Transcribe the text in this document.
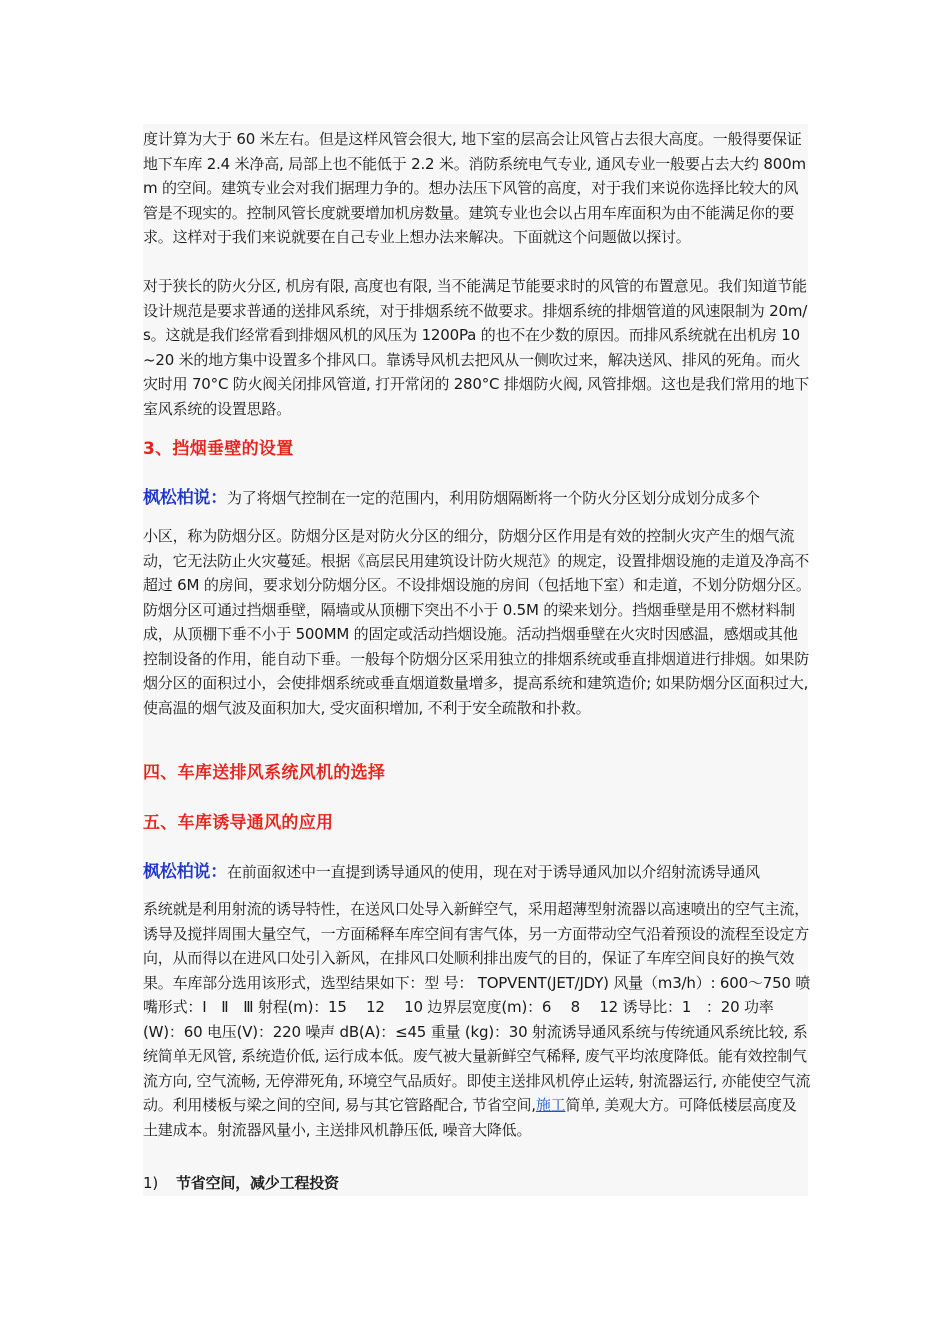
度计算为大于 60 米左右。但是这样风管会很大, 地下室的层高会让风管占去很大高度。一般得要保证地下车库 2.4 米净高, 局部上也不能低于 2.2 米。消防系统电气专业, 通风专业一般要占去大约 800mm 的空间。建筑专业会对我们据理力争的。想办法压下风管的高度，对于我们来说你选择比较大的风管是不现实的。控制风管长度就要增加机房数量。建筑专业也会以占用车库面积为由不能满足你的要求。这样对于我们来说就要在自己专业上想办法来解决。下面就这个问题做以探讨。

对于狭长的防火分区, 机房有限, 高度也有限, 当不能满足节能要求时的风管的布置意见。我们知道节能设计规范是要求普通的送排风系统，对于排烟系统不做要求。排烟系统的排烟管道的风速限制为 20m/s。这就是我们经常看到排烟风机的风压为 1200Pa 的也不在少数的原因。而排风系统就在出机房 10~20 米的地方集中设置多个排风口。靠诱导风机去把风从一侧吹过来，解决送风、排风的死角。而火灾时用 70°C 防火阀关闭排风管道, 打开常闭的 280°C 排烟防火阀, 风管排烟。这也是我们常用的地下室风系统的设置思路。

3、挡烟垂壁的设置

枫松柏说：为了将烟气控制在一定的范围内，利用防烟隔断将一个防火分区划分成划分成多个

小区，称为防烟分区。防烟分区是对防火分区的细分，防烟分区作用是有效的控制火灾产生的烟气流动，它无法防止火灾蔓延。根据《高层民用建筑设计防火规范》的规定，设置排烟设施的走道及净高不超过 6M 的房间，要求划分防烟分区。不设排烟设施的房间（包括地下室）和走道，不划分防烟分区。防烟分区可通过挡烟垂壁，隔墙或从顶棚下突出不小于 0.5M 的梁来划分。挡烟垂壁是用不燃材料制成，从顶棚下垂不小于 500MM 的固定或活动挡烟设施。活动挡烟垂壁在火灾时因感温，感烟或其他控制设备的作用，能自动下垂。一般每个防烟分区采用独立的排烟系统或垂直排烟道进行排烟。如果防烟分区的面积过小，会使排烟系统或垂直烟道数量增多，提高系统和建筑造价; 如果防烟分区面积过大, 使高温的烟气波及面积加大, 受灾面积增加, 不利于安全疏散和扑救。

四、车库送排风系统风机的选择
五、车库诱导通风的应用

枫松柏说：在前面叙述中一直提到诱导通风的使用，现在对于诱导通风加以介绍射流诱导通风

系统就是利用射流的诱导特性，在送风口处导入新鲜空气，采用超薄型射流器以高速喷出的空气主流，诱导及搅拌周围大量空气，一方面稀释车库空间有害气体，另一方面带动空气沿着预设的流程至设定方向，从而得以在进风口处引入新风，在排风口处顺利排出废气的目的，保证了车库空间良好的换气效果。车库部分选用该形式，选型结果如下：型 号： TOPVENT(JET/JDY) 风量（m3/h）: 600～750 喷嘴形式：Ⅰ　Ⅱ　Ⅲ 射程(m)：15　 12　 10 边界层宽度(m)：6　 8　 12 诱导比：1　：20 功率(W)：60 电压(V)：220 噪声 dB(A)：≤45 重量 (kg)：30 射流诱导通风系统与传统通风系统比较, 系统简单无风管, 系统造价低, 运行成本低。废气被大量新鲜空气稀释, 废气平均浓度降低。能有效控制气流方向, 空气流畅, 无停滞死角, 环境空气品质好。即使主送排风机停止运转, 射流器运行, 亦能使空气流动。利用楼板与梁之间的空间, 易与其它管路配合, 节省空间,施工简单, 美观大方。可降低楼层高度及土建成本。射流器风量小, 主送排风机静压低, 噪音大降低。

1) 节省空间，减少工程投资
